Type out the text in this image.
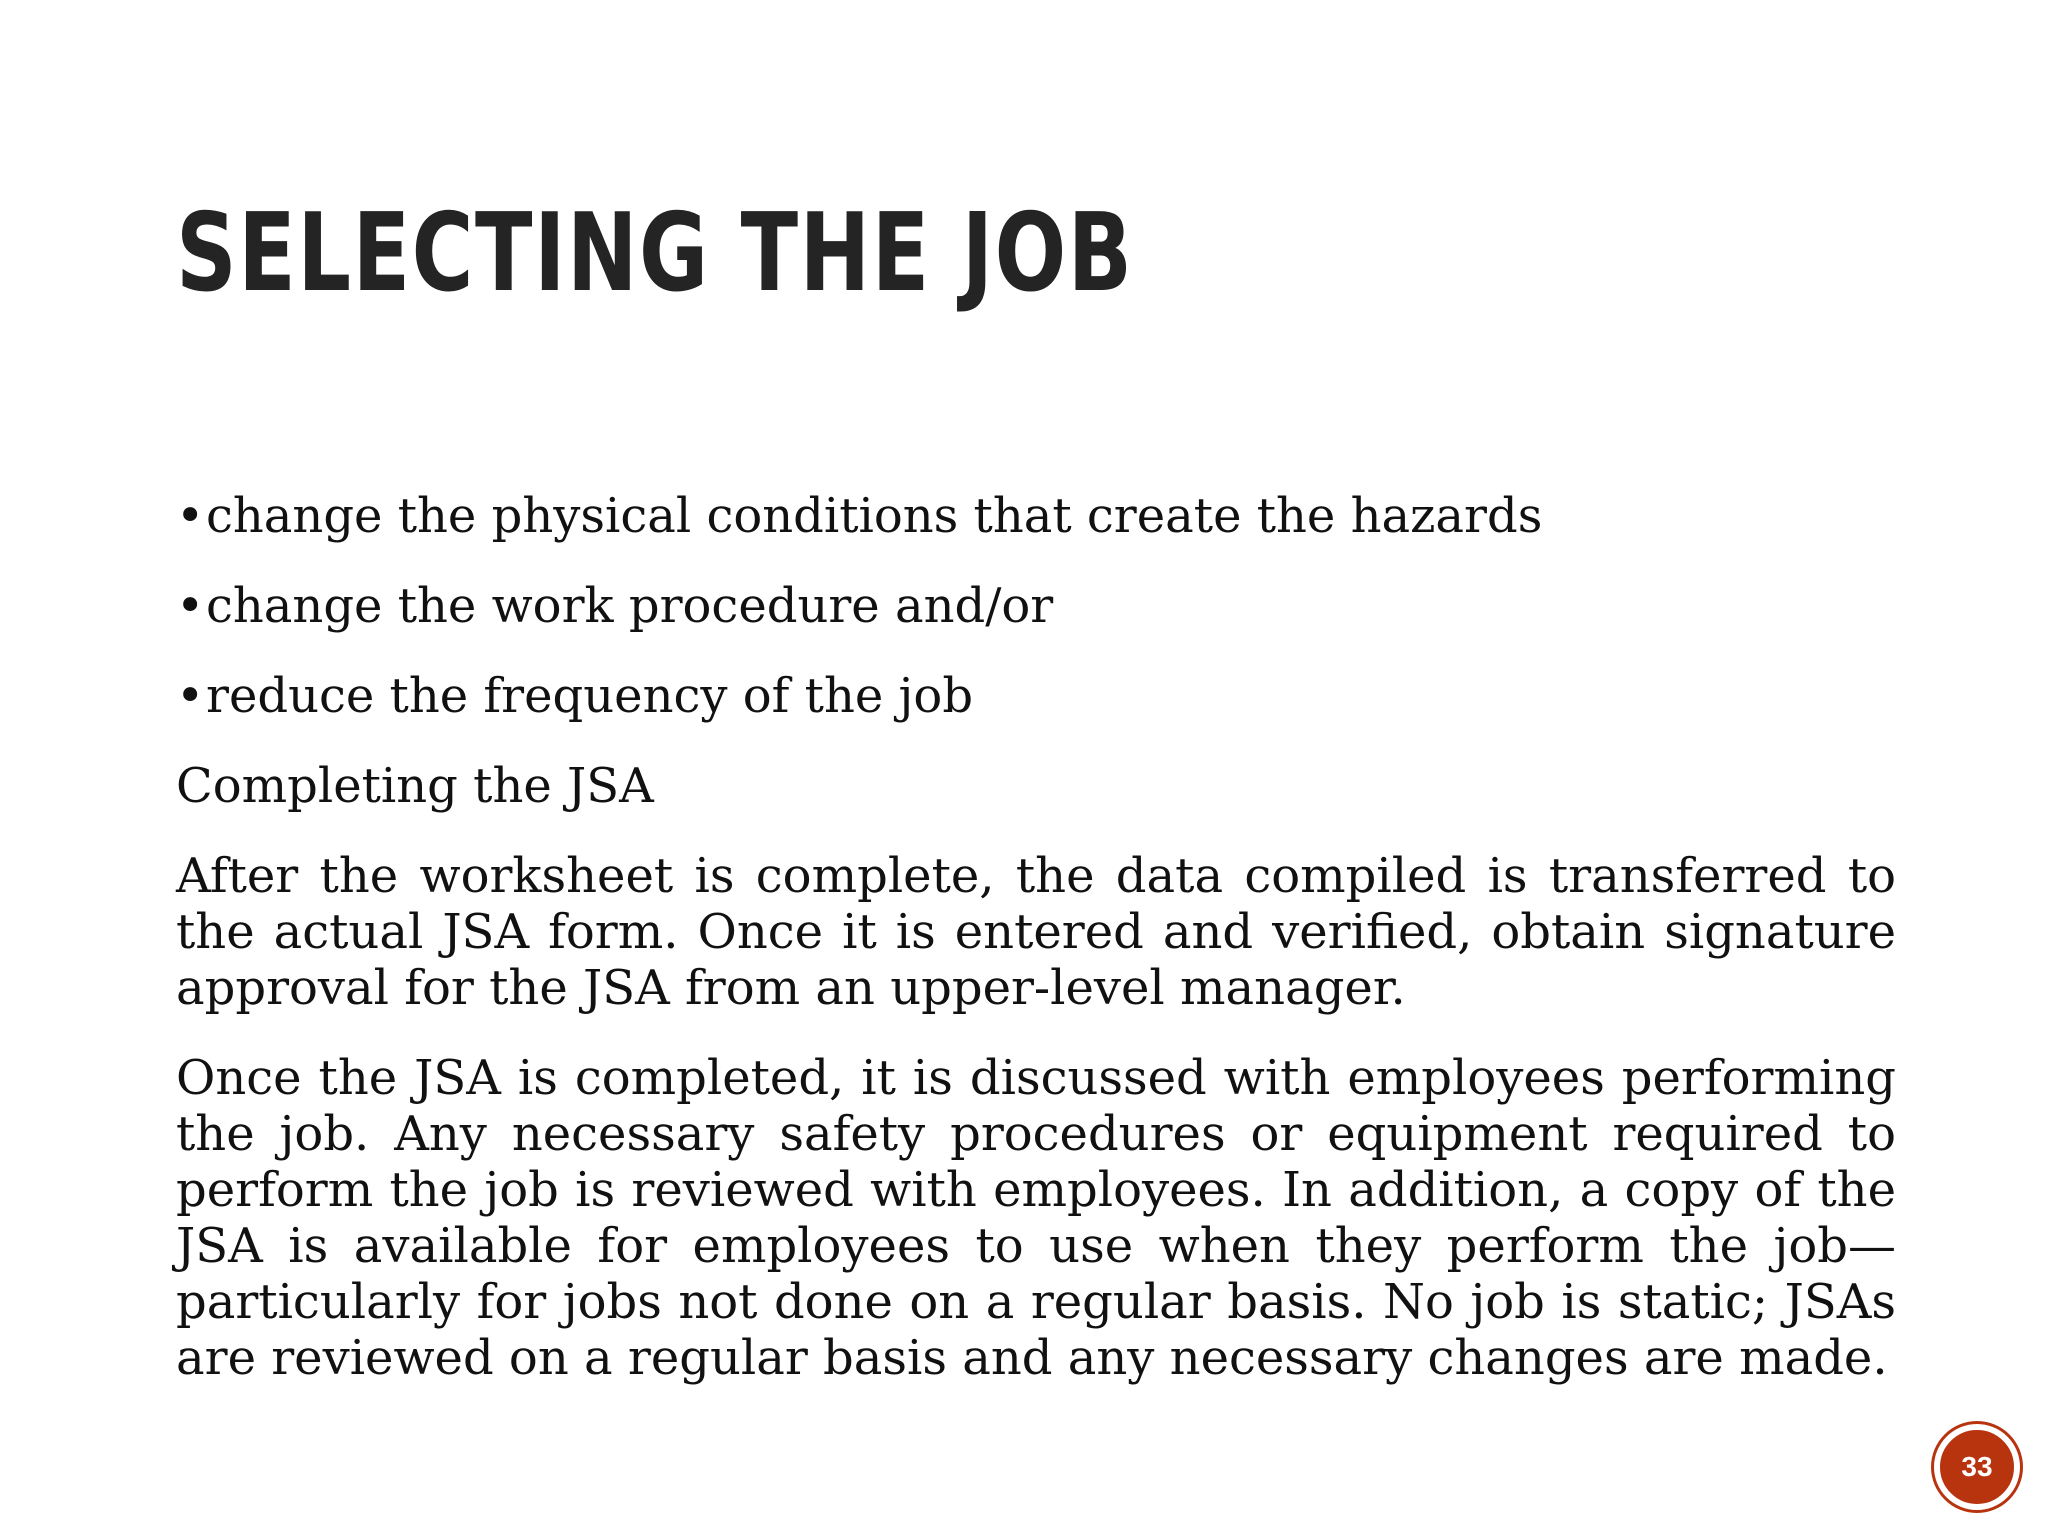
SELECTING THE JOB
•change the physical conditions that create the hazards
•change the work procedure and/or
•reduce the frequency of the job
Completing the JSA

After the worksheet is complete, the data compiled is transferred to the actual JSA form. Once it is entered and verified, obtain signature approval for the JSA from an upper-level manager.

Once the JSA is completed, it is discussed with employees performing the job. Any necessary safety procedures or equipment required to perform the job is reviewed with employees. In addition, a copy of the JSA is available for employees to use when they perform the job—particularly for jobs not done on a regular basis. No job is static; JSAs are reviewed on a regular basis and any necessary changes are made.

33
